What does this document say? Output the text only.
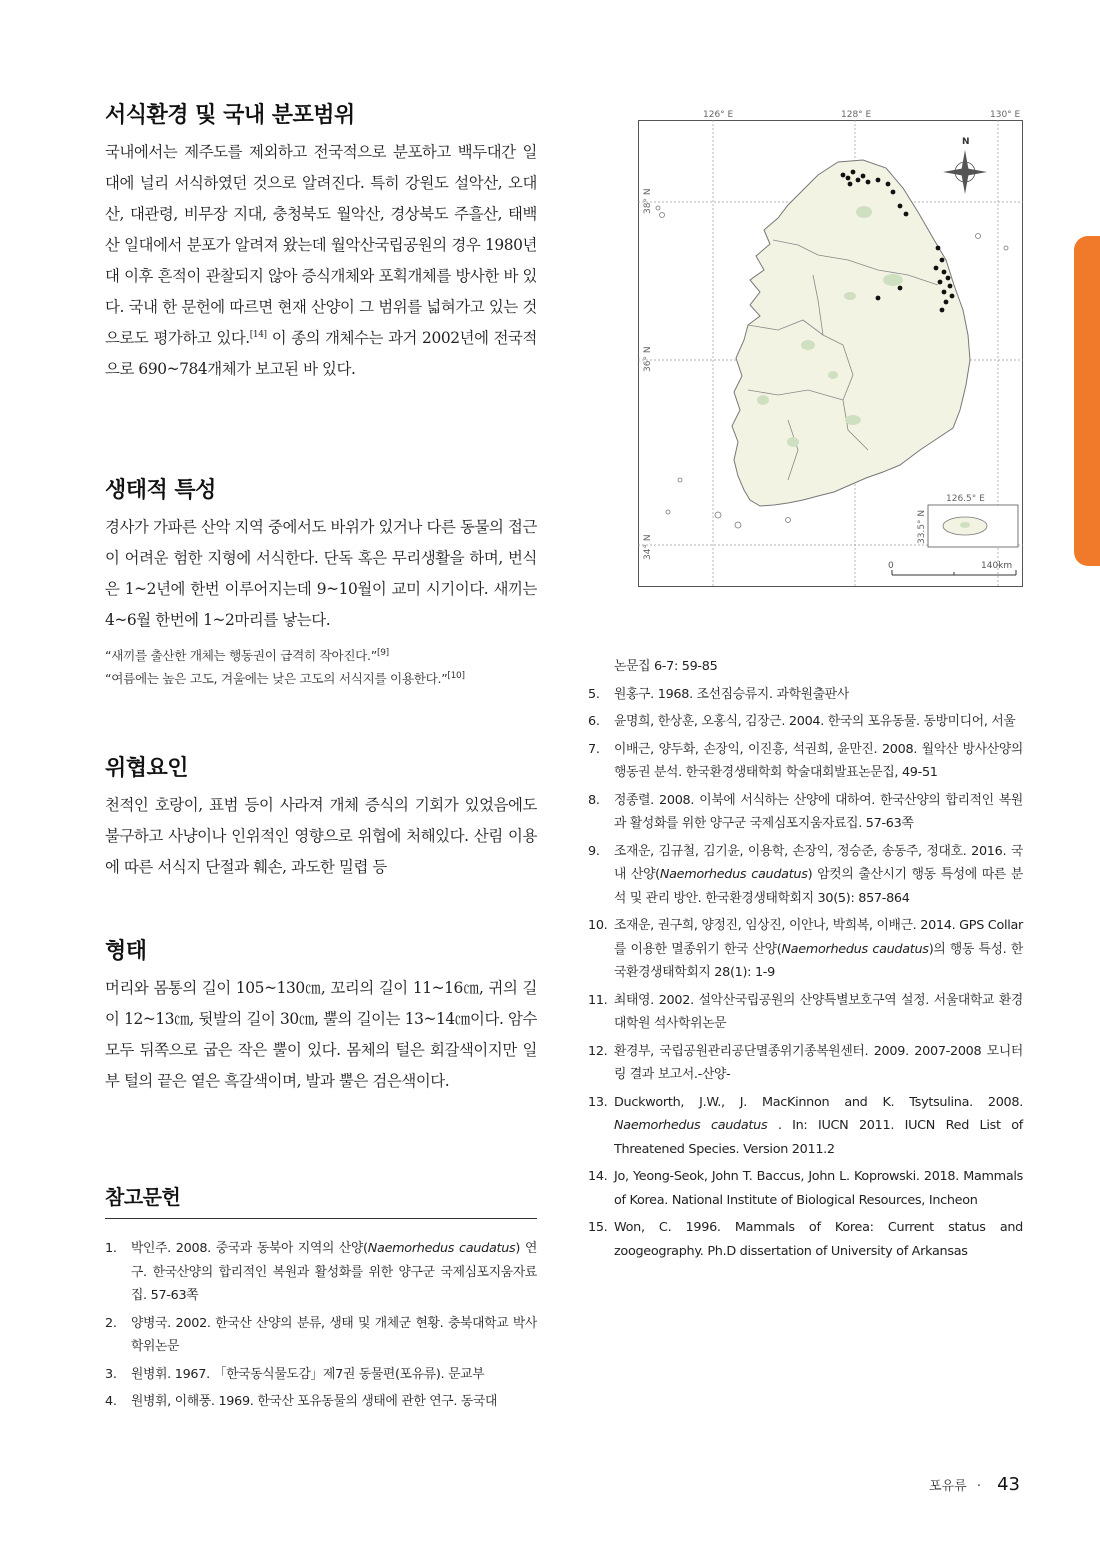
서식환경 및 국내 분포범위

국내에서는 제주도를 제외하고 전국적으로 분포하고 백두대간 일대에 널리 서식하였던 것으로 알려진다. 특히 강원도 설악산, 오대산, 대관령, 비무장 지대, 충청북도 월악산, 경상북도 주흘산, 태백산 일대에서 분포가 알려져 왔는데 월악산국립공원의 경우 1980년대 이후 흔적이 관찰되지 않아 증식개체와 포획개체를 방사한 바 있다. 국내 한 문헌에 따르면 현재 산양이 그 범위를 넓혀가고 있는 것으로도 평가하고 있다.[14] 이 종의 개체수는 과거 2002년에 전국적으로 690~784개체가 보고된 바 있다.

생태적 특성

경사가 가파른 산악 지역 중에서도 바위가 있거나 다른 동물의 접근이 어려운 험한 지형에 서식한다. 단독 혹은 무리생활을 하며, 번식은 1~2년에 한번 이루어지는데 9~10월이 교미 시기이다. 새끼는 4~6월 한번에 1~2마리를 낳는다.

“새끼를 출산한 개체는 행동권이 급격히 작아진다.”[9]

“여름에는 높은 고도, 겨울에는 낮은 고도의 서식지를 이용한다.”[10]

위협요인

천적인 호랑이, 표범 등이 사라져 개체 증식의 기회가 있었음에도 불구하고 사냥이나 인위적인 영향으로 위협에 처해있다. 산림 이용에 따른 서식지 단절과 훼손, 과도한 밀렵 등

형태

머리와 몸통의 길이 105~130㎝, 꼬리의 길이 11~16㎝, 귀의 길이 12~13㎝, 뒷발의 길이 30㎝, 뿔의 길이는 13~14㎝이다. 암수 모두 뒤쪽으로 굽은 작은 뿔이 있다. 몸체의 털은 회갈색이지만 일부 털의 끝은 옅은 흑갈색이며, 발과 뿔은 검은색이다.

참고문헌
1. 박인주. 2008. 중국과 동북아 지역의 산양(Naemorhedus caudatus) 연구. 한국산양의 합리적인 복원과 활성화를 위한 양구군 국제심포지움자료집. 57-63쪽
2. 양병국. 2002. 한국산 산양의 분류, 생태 및 개체군 현황. 충북대학교 박사학위논문
3. 원병휘. 1967. 「한국동식물도감」제7권 동물편(포유류). 문교부
4. 원병휘, 이해풍. 1969. 한국산 포유동물의 생태에 관한 연구. 동국대
논문집 6-7: 59-85
5. 원홍구. 1968. 조선짐승류지. 과학원출판사
6. 윤명희, 한상훈, 오홍식, 김장근. 2004. 한국의 포유동물. 동방미디어, 서울
7. 이배근, 양두화, 손장익, 이진흥, 석권희, 윤만진. 2008. 월악산 방사산양의 행동권 분석. 한국환경생태학회 학술대회발표논문집, 49-51
8. 정종렬. 2008. 이북에 서식하는 산양에 대하여. 한국산양의 합리적인 복원과 활성화를 위한 양구군 국제심포지움자료집. 57-63쪽
9. 조재운, 김규철, 김기윤, 이용학, 손장익, 정승준, 송동주, 정대호. 2016. 국내 산양(Naemorhedus caudatus) 암컷의 출산시기 행동 특성에 따른 분석 및 관리 방안. 한국환경생태학회지 30(5): 857-864
10. 조재운, 권구희, 양정진, 임상진, 이안나, 박희복, 이배근. 2014. GPS Collar를 이용한 멸종위기 한국 산양(Naemorhedus caudatus)의 행동 특성. 한국환경생태학회지 28(1): 1-9
11. 최태영. 2002. 설악산국립공원의 산양특별보호구역 설정. 서울대학교 환경대학원 석사학위논문
12. 환경부, 국립공원관리공단멸종위기종복원센터. 2009. 2007-2008 모니터링 결과 보고서.-산양-
13. Duckworth, J.W., J. MacKinnon and K. Tsytsulina. 2008. Naemorhedus caudatus . In: IUCN 2011. IUCN Red List of Threatened Species. Version 2011.2
14. Jo, Yeong-Seok, John T. Baccus, John L. Koprowski. 2018. Mammals of Korea. National Institute of Biological Resources, Incheon
15. Won, C. 1996. Mammals of Korea: Current status and zoogeography. Ph.D dissertation of University of Arkansas
126° E	128° E	130° E
N
126.5° E
33.5° N
38° N
36° N
34° N
0	140km
포유류 · 43
